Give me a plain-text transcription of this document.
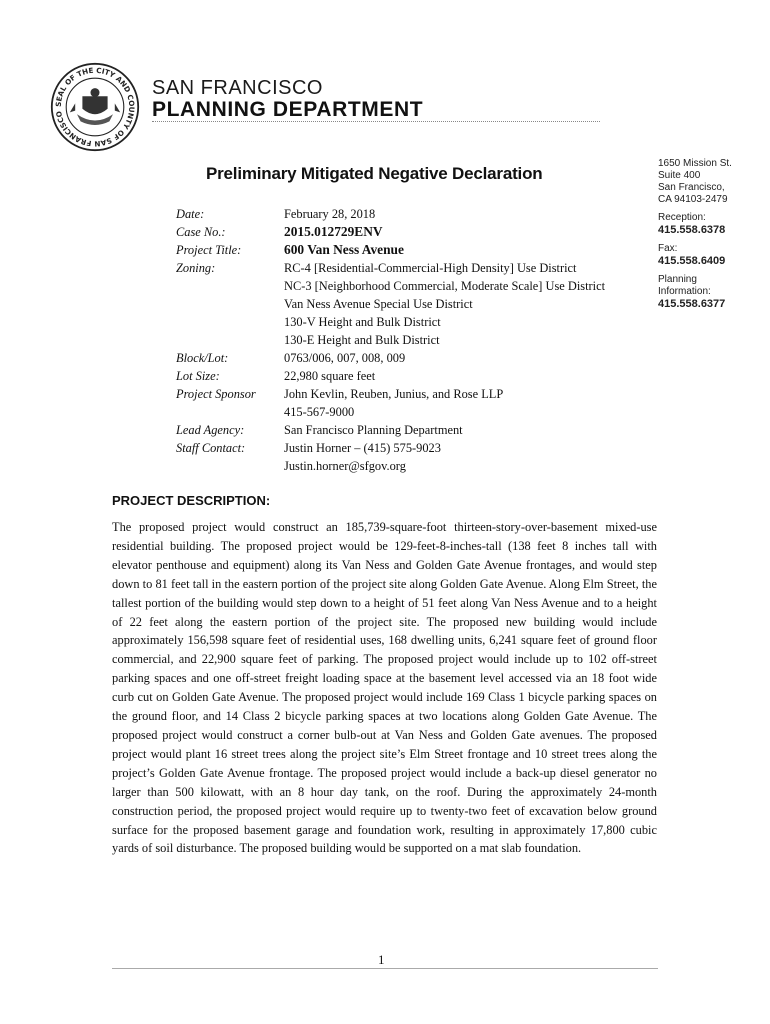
SEAL OF THE CITY AND COUNTY OF SAN FRANCISCO
SAN FRANCISCO
PLANNING DEPARTMENT
1650 Mission St.
Suite 400
San Francisco,
CA 94103-2479
Reception:
415.558.6378
Fax:
415.558.6409
Planning
Information:
415.558.6377
Preliminary Mitigated Negative Declaration
Date:	February 28, 2018
Case No.:	2015.012729ENV
Project Title:	600 Van Ness Avenue
Zoning:	RC-4 [Residential-Commercial-High Density] Use District
NC-3 [Neighborhood Commercial, Moderate Scale] Use District
Van Ness Avenue Special Use District
130-V Height and Bulk District
130-E Height and Bulk District
Block/Lot:	0763/006, 007, 008, 009
Lot Size:	22,980 square feet
Project Sponsor	John Kevlin, Reuben, Junius, and Rose LLP
415-567-9000
Lead Agency:	San Francisco Planning Department
Staff Contact:	Justin Horner – (415) 575-9023
Justin.horner@sfgov.org
PROJECT DESCRIPTION:
The proposed project would construct an 185,739-square-foot thirteen-story-over-basement mixed-use residential building. The proposed project would be 129-feet-8-inches-tall (138 feet 8 inches tall with elevator penthouse and equipment) along its Van Ness and Golden Gate Avenue frontages, and would step down to 81 feet tall in the eastern portion of the project site along Golden Gate Avenue. Along Elm Street, the tallest portion of the building would step down to a height of 51 feet along Van Ness Avenue and to a height of 22 feet along the eastern portion of the project site. The proposed new building would include approximately 156,598 square feet of residential uses, 168 dwelling units, 6,241 square feet of ground floor commercial, and 22,900 square feet of parking. The proposed project would include up to 102 off-street parking spaces and one off-street freight loading space at the basement level accessed via an 18 foot wide curb cut on Golden Gate Avenue. The proposed project would include 169 Class 1 bicycle parking spaces on the ground floor, and 14 Class 2 bicycle parking spaces at two locations along Golden Gate Avenue. The proposed project would construct a corner bulb-out at Van Ness and Golden Gate avenues. The proposed project would plant 16 street trees along the project site’s Elm Street frontage and 10 street trees along the project’s Golden Gate Avenue frontage. The proposed project would include a back-up diesel generator no larger than 500 kilowatt, with an 8 hour day tank, on the roof. During the approximately 24-month construction period, the proposed project would require up to twenty-two feet of excavation below ground surface for the proposed basement garage and foundation work, resulting in approximately 17,800 cubic yards of soil disturbance. The proposed building would be supported on a mat slab foundation.
1
